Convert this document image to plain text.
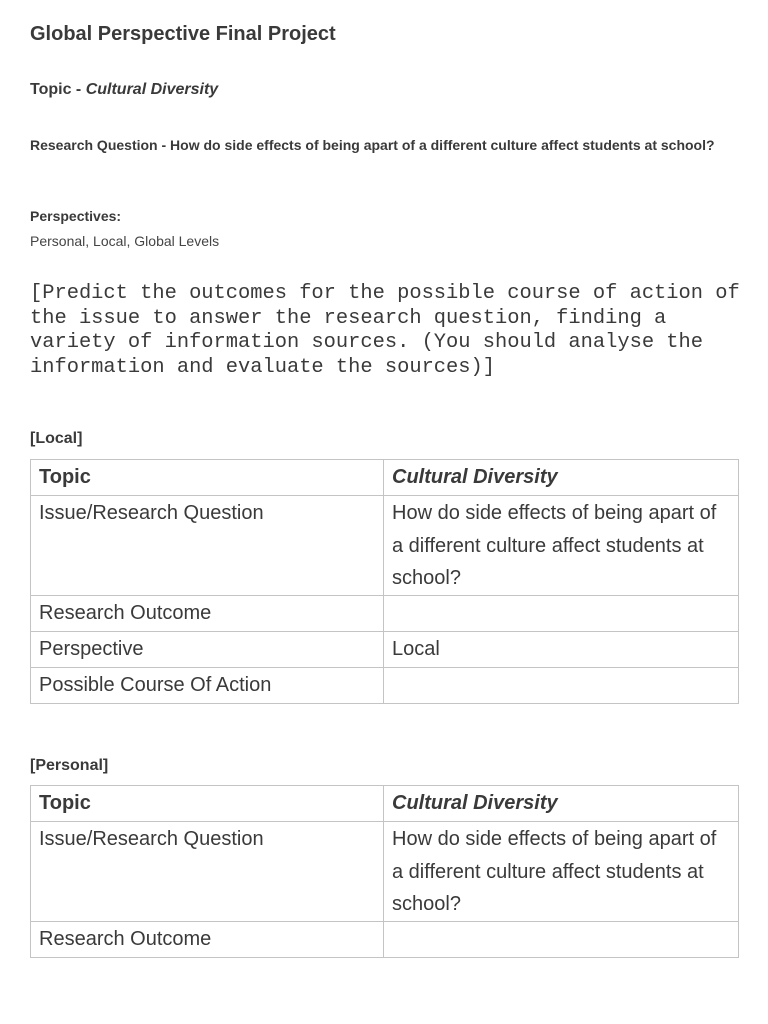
Global Perspective Final Project
Topic - Cultural Diversity
Research Question - How do side effects of being apart of a different culture affect students at school?
Perspectives:
Personal, Local, Global Levels
[Predict the outcomes for the possible course of action of the issue to answer the research question, finding a variety of information sources. (You should analyse the information and evaluate the sources)]
[Local]
Topic	Cultural Diversity
Issue/Research Question	How do side effects of being apart of a different culture affect students at school?
Research Outcome	
Perspective	Local
Possible Course Of Action	
[Personal]
Topic	Cultural Diversity
Issue/Research Question	How do side effects of being apart of a different culture affect students at school?
Research Outcome	
